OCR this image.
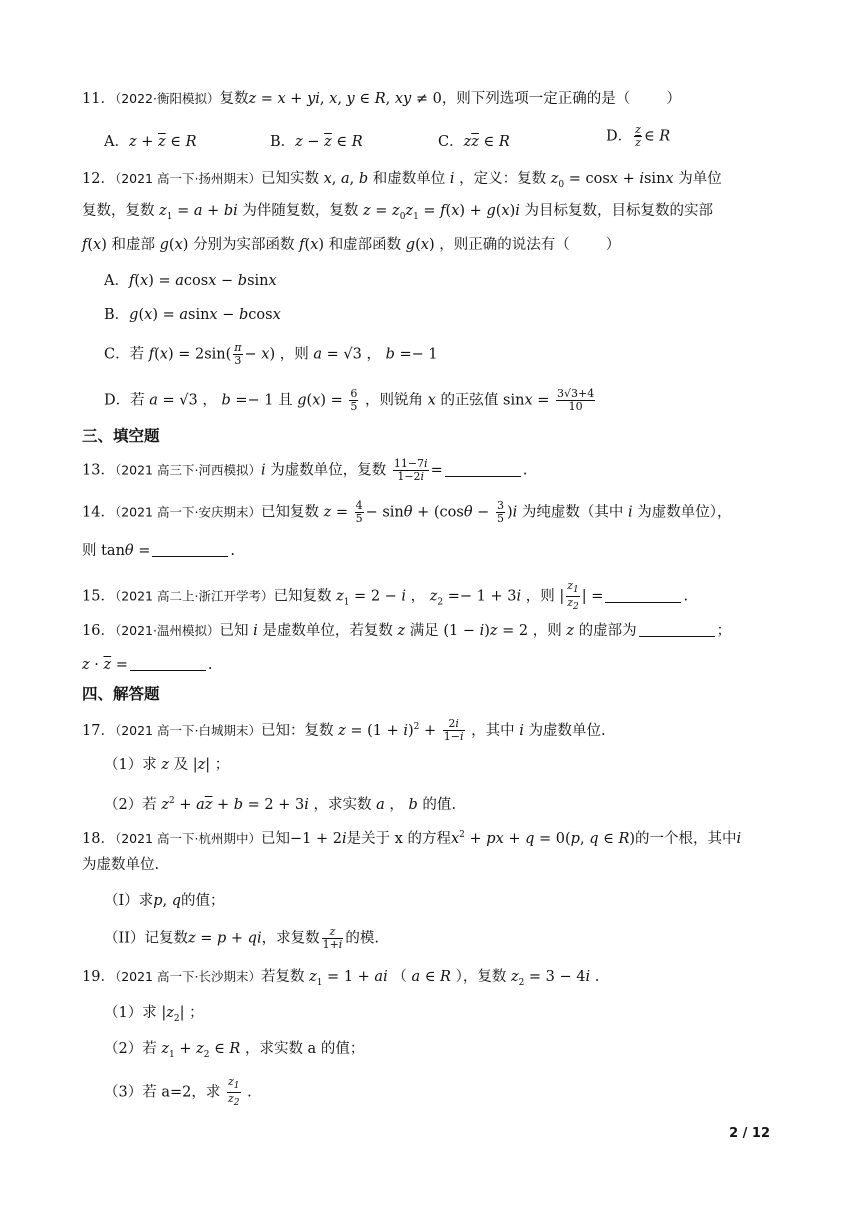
11．（2022·衡阳模拟）复数z = x + yi, x, y ∈ R, xy ≠ 0，则下列选项一定正确的是（ ）
A．$z + \overline{z}$ ∈ R	B．$z - \overline{z}$ ∈ R	C．$z\overline{z}$ ∈ R	D． $\frac{z}{z}$ ∈ R
12．（2021 高一下·扬州期末）已知实数 x, a, b 和虚数单位 i ，定义：复数 $z_0 = \cos x + isinx$ 为单位
复数，复数 $z_1 = a$ + bi 为伴随复数，复数 $z = z_0z_1 = f(x) + g(x)i$ 为目标复数，目标复数的实部
f(x) 和虚部 g(x) 分别为实部函数 f(x) 和虚部函数 g(x) ，则正确的说法有（ ）
A．f(x) = acosx − bsinx
B．g(x) = asinx − bcosx
C．若 $f(x) = 2\sin( \frac{\pi}{3} - x)$ ，则 a = √3 ， b =− 1
D．若 a = √3 ， b =− 1 且 $g(x) = \frac{6}{5}$ ，则锐角 x 的正弦值 $\sin x = \frac{3√3+4}{10}$
三、填空题
13．（2021 高三下·河西模拟）i 为虚数单位，复数 $\frac{11-7i}{1-2i}$ =	.
14．（2021 高一下·安庆期末）已知复数 $z = \frac{4}{5} - \sin\theta + (\cos\theta - \frac{3}{5} )i$ 为纯虚数（其中 i 为虚数单位），
则 tanθ =	.
15．（2021 高二上·浙江开学考）已知复数 $z_1 = 2 - i$ ， $z_2 =- 1 + 3i$ ，则 | $\frac{z_1}{z_2}$ | =	.
16．（2021·温州模拟）已知 i 是虚数单位，若复数 z 满足 (1 − i)z = 2 ，则 z 的虚部为	；
$z \cdot \overline{z}$ =	.
四、解答题
17．（2021 高一下·白城期末）已知：复数 $z = (1 + i)^2 + \frac{2i}{1-i}$ ，其中 i 为虚数单位.
（1）求 z 及 |z| ；
（2）若 $z^2 + a\overline{z} + b = 2 + 3i$ ，求实数 a ， b 的值.
18．（2021 高一下·杭州期中）已知−1 + 2i是关于 x 的方程$x^2$ + px + q = 0(p, q ∈ R)的一个根，其中i
为虚数单位.
（I）求p, q的值；
（II）记复数z = p + qi，求复数 $\frac{z}{1+i}$ 的模.
19．（2021 高一下·长沙期末）若复数 $z_1 = 1$ + ai （ a ∈ R ），复数 $z_2 = 3 - 4i$ .
（1）求 $|z_2|$ ；
（2）若 $z_1 + z_2$ ∈ R ，求实数 a 的值；
（3）若 a=2，求 $\frac{z_1}{z_2}$ .
2 / 12
